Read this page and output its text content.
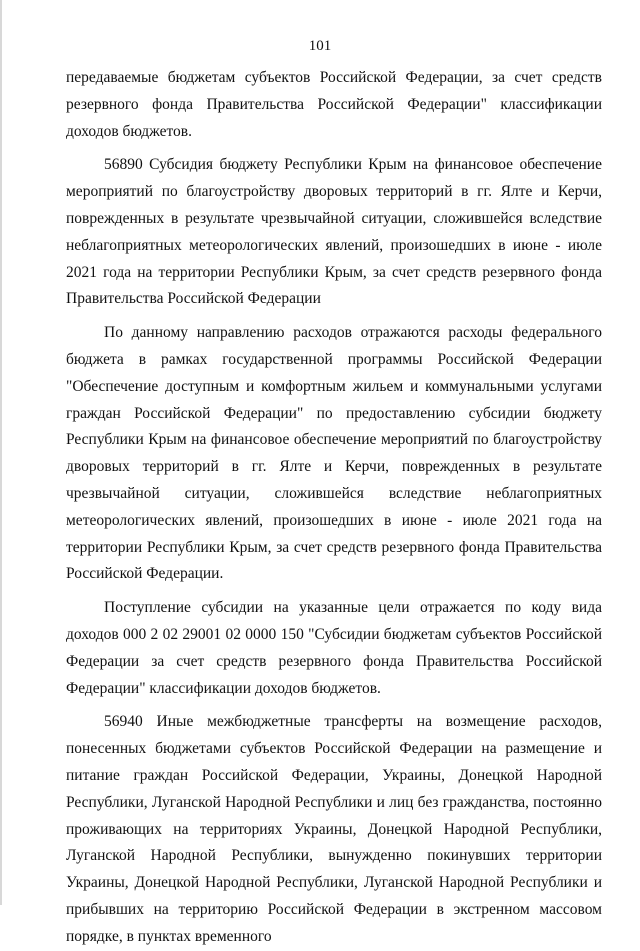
101

передаваемые бюджетам субъектов Российской Федерации, за счет средств резервного фонда Правительства Российской Федерации" классификации доходов бюджетов.

56890 Субсидия бюджету Республики Крым на финансовое обеспечение мероприятий по благоустройству дворовых территорий в гг. Ялте и Керчи, поврежденных в результате чрезвычайной ситуации, сложившейся вследствие неблагоприятных метеорологических явлений, произошедших в июне - июле 2021 года на территории Республики Крым, за счет средств резервного фонда Правительства Российской Федерации

По данному направлению расходов отражаются расходы федерального бюджета в рамках государственной программы Российской Федерации "Обеспечение доступным и комфортным жильем и коммунальными услугами граждан Российской Федерации" по предоставлению субсидии бюджету Республики Крым на финансовое обеспечение мероприятий по благоустройству дворовых территорий в гг. Ялте и Керчи, поврежденных в результате чрезвычайной ситуации, сложившейся вследствие неблагоприятных метеорологических явлений, произошедших в июне - июле 2021 года на территории Республики Крым, за счет средств резервного фонда Правительства Российской Федерации.

Поступление субсидии на указанные цели отражается по коду вида доходов 000 2 02 29001 02 0000 150 "Субсидии бюджетам субъектов Российской Федерации за счет средств резервного фонда Правительства Российской Федерации" классификации доходов бюджетов.

56940 Иные межбюджетные трансферты на возмещение расходов, понесенных бюджетами субъектов Российской Федерации на размещение и питание граждан Российской Федерации, Украины, Донецкой Народной Республики, Луганской Народной Республики и лиц без гражданства, постоянно проживающих на территориях Украины, Донецкой Народной Республики, Луганской Народной Республики, вынужденно покинувших территории Украины, Донецкой Народной Республики, Луганской Народной Республики и прибывших на территорию Российской Федерации в экстренном массовом порядке, в пунктах временного
